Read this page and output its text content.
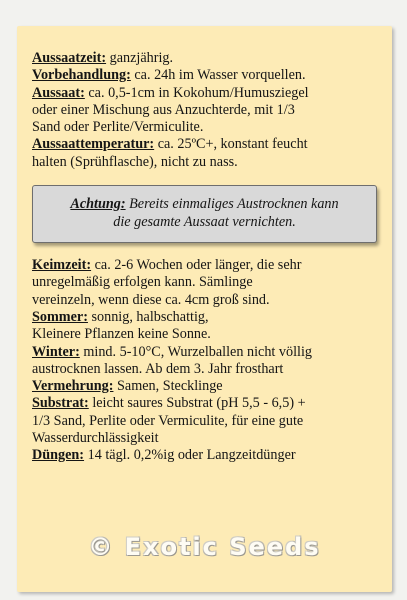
Aussaatzeit: ganzjährig.
Vorbehandlung: ca. 24h im Wasser vorquellen.
Aussaat: ca. 0,5-1cm in Kokohum/Humusziegel
oder einer Mischung aus Anzuchterde, mit 1/3
Sand oder Perlite/Vermiculite.
Aussaattemperatur: ca. 25ºC+, konstant feucht
halten (Sprühflasche), nicht zu nass.
Achtung: Bereits einmaliges Austrocknen kann
die gesamte Aussaat vernichten.
Keimzeit: ca. 2-6 Wochen oder länger, die sehr
unregelmäßig erfolgen kann. Sämlinge
vereinzeln, wenn diese ca. 4cm groß sind.
Sommer: sonnig, halbschattig,
Kleinere Pflanzen keine Sonne.
Winter: mind. 5-10°C, Wurzelballen nicht völlig
austrocknen lassen. Ab dem 3. Jahr frosthart
Vermehrung: Samen, Stecklinge
Substrat: leicht saures Substrat (pH 5,5 - 6,5) +
1/3 Sand, Perlite oder Vermiculite, für eine gute
Wasserdurchlässigkeit
Düngen: 14 tägl. 0,2%ig oder Langzeitdünger
© Exotic Seeds
